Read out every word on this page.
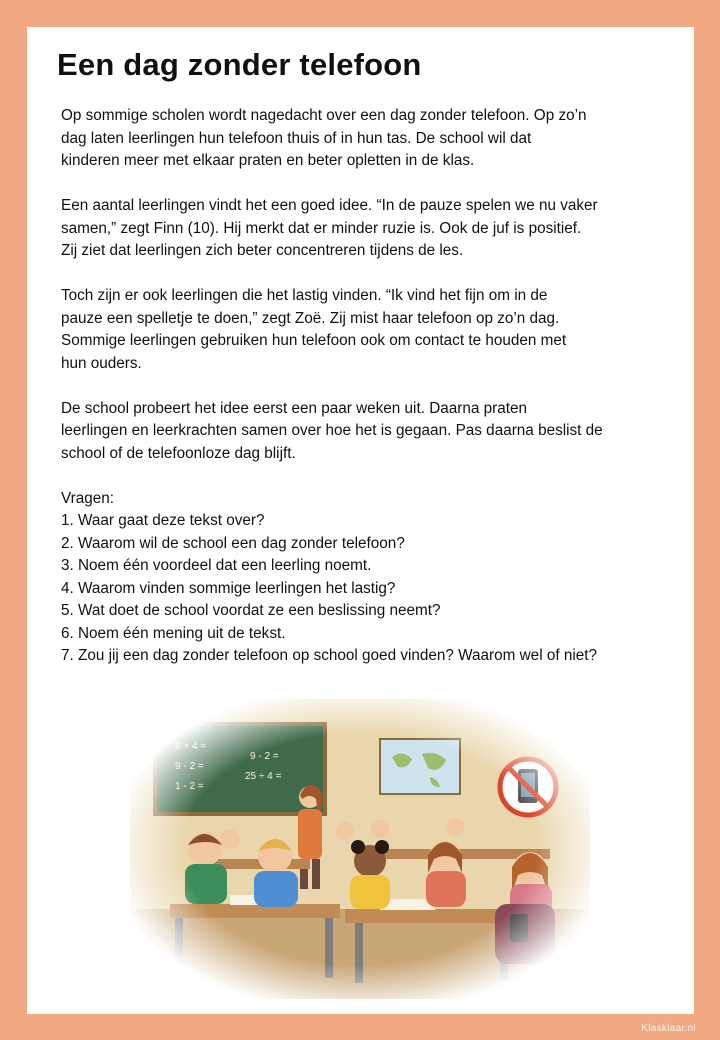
Een dag zonder telefoon

Op sommige scholen wordt nagedacht over een dag zonder telefoon. Op zo’n
dag laten leerlingen hun telefoon thuis of in hun tas. De school wil dat
kinderen meer met elkaar praten en beter opletten in de klas.

Een aantal leerlingen vindt het een goed idee. “In de pauze spelen we nu vaker
samen,” zegt Finn (10). Hij merkt dat er minder ruzie is. Ook de juf is positief.
Zij ziet dat leerlingen zich beter concentreren tijdens de les.

Toch zijn er ook leerlingen die het lastig vinden. “Ik vind het fijn om in de
pauze een spelletje te doen,” zegt Zoë. Zij mist haar telefoon op zo’n dag.
Sommige leerlingen gebruiken hun telefoon ook om contact te houden met
hun ouders.

De school probeert het idee eerst een paar weken uit. Daarna praten
leerlingen en leerkrachten samen over hoe het is gegaan. Pas daarna beslist de
school of de telefoonloze dag blijft.

Vragen:
1. Waar gaat deze tekst over?
2. Waarom wil de school een dag zonder telefoon?
3. Noem één voordeel dat een leerling noemt.
4. Waarom vinden sommige leerlingen het lastig?
5. Wat doet de school voordat ze een beslissing neemt?
6. Noem één mening uit de tekst.
7. Zou jij een dag zonder telefoon op school goed vinden? Waarom wel of niet?
Klasklaar.nl
